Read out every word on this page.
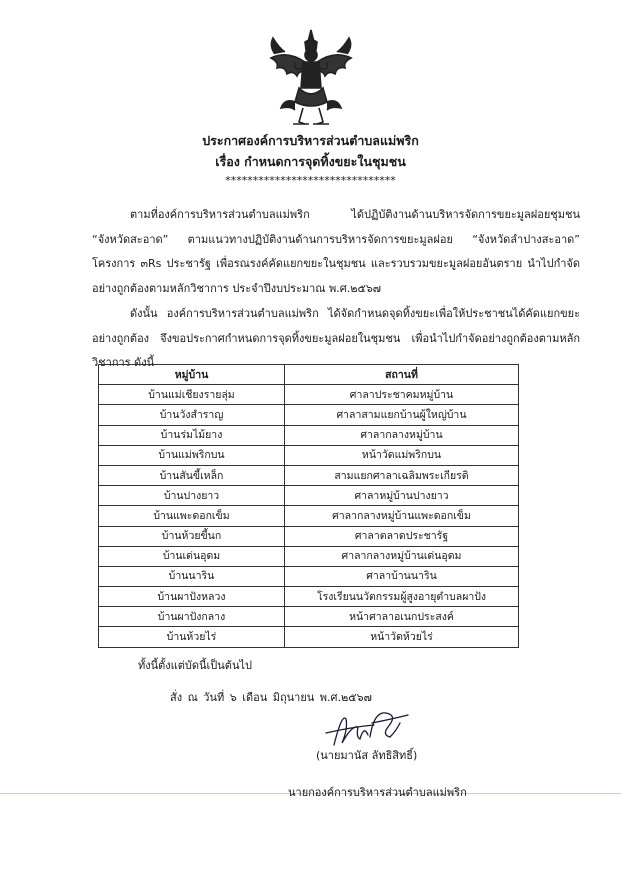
ประกาศองค์การบริหารส่วนตำบลแม่พริก
เรื่อง กำหนดการจุดทิ้งขยะในชุมชน
*******************************
ตามที่องค์การบริหารส่วนตำบลแม่พริก ได้ปฏิบัติงานด้านบริหารจัดการขยะมูลฝอยชุมชน “จังหวัดสะอาด” ตามแนวทางปฏิบัติงานด้านการบริหารจัดการขยะมูลฝอย “จังหวัดลำปางสะอาด” โครงการ ๓Rs ประชารัฐ เพื่อรณรงค์คัดแยกขยะในชุมชน และรวบรวมขยะมูลฝอยอันตราย นำไปกำจัดอย่างถูกต้องตามหลักวิชาการ ประจำปีงบประมาณ พ.ศ.๒๕๖๗
ดังนั้น องค์การบริหารส่วนตำบลแม่พริก ได้จัดกำหนดจุดทิ้งขยะเพื่อให้ประชาชนได้คัดแยกขยะอย่างถูกต้อง จึงขอประกาศกำหนดการจุดทิ้งขยะมูลฝอยในชุมชน เพื่อนำไปกำจัดอย่างถูกต้องตามหลักวิชาการ ดังนี้
หมู่บ้าน	สถานที่
บ้านแม่เชียงรายลุ่ม	ศาลาประชาคมหมู่บ้าน
บ้านวังสำราญ	ศาลาสามแยกบ้านผู้ใหญ่บ้าน
บ้านร่มไม้ยาง	ศาลากลางหมู่บ้าน
บ้านแม่พริกบน	หน้าวัดแม่พริกบน
บ้านสันขี้เหล็ก	สามแยกศาลาเฉลิมพระเกียรติ
บ้านปางยาว	ศาลาหมู่บ้านปางยาว
บ้านแพะดอกเข็ม	ศาลากลางหมู่บ้านแพะดอกเข็ม
บ้านห้วยขี้นก	ศาลาตลาดประชารัฐ
บ้านเด่นอุดม	ศาลากลางหมู่บ้านเด่นอุดม
บ้านนาริน	ศาลาบ้านนาริน
บ้านผาปังหลวง	โรงเรียนนวัตกรรมผู้สูงอายุตำบลผาปัง
บ้านผาปังกลาง	หน้าศาลาอเนกประสงค์
บ้านห้วยไร่	หน้าวัดห้วยไร่
ทั้งนี้ตั้งแต่บัดนี้เป็นต้นไป
สั่ง ณ วันที่ ๖ เดือน มิถุนายน พ.ศ.๒๕๖๗
(นายมานัส ลัทธิสิทธิ์)
นายกองค์การบริหารส่วนตำบลแม่พริก
